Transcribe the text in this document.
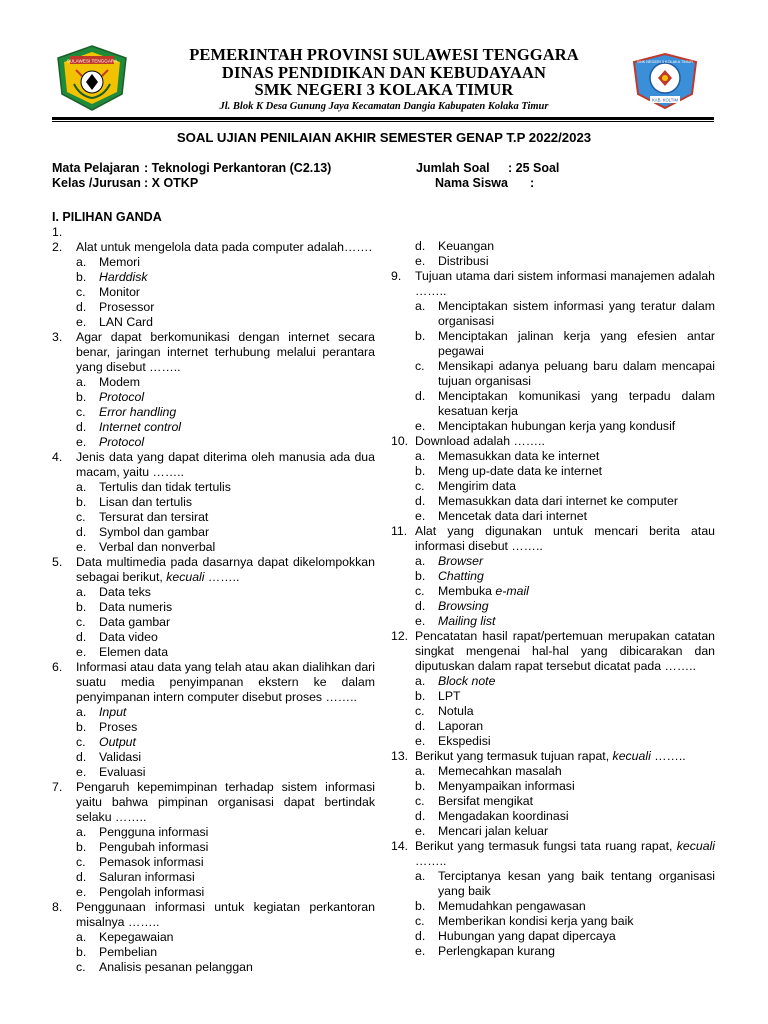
SULAWESI TENGGARA	PEMERINTAH PROVINSI SULAWESI TENGGARA
DINAS PENDIDIKAN DAN KEBUDAYAAN
SMK NEGERI 3 KOLAKA TIMUR
Jl. Blok K Desa Gunung Jaya Kecamatan Dangia Kabupaten Kolaka Timur
SMK NEGERI 3 KOLAKA TIMUR
KAB. KOLTIM
SOAL UJIAN PENILAIAN AKHIR SEMESTER GENAP T.P 2022/2023
Mata Pelajaran : Teknologi Perkantoran (C2.13)
Kelas /Jurusan : X OTKP
Jumlah Soal : 25 Soal
Nama Siswa :
I. PILIHAN GANDA
1.
2.	Alat untuk mengelola data pada computer adalah…….
a.	Memori
b.	Harddisk
c.	Monitor
d.	Prosessor
e.	LAN Card
3.	Agar dapat berkomunikasi dengan internet secara benar, jaringan internet terhubung melalui perantara yang disebut ……..
a.	Modem
b.	Protocol
c.	Error handling
d.	Internet control
e.	Protocol
4.	Jenis data yang dapat diterima oleh manusia ada dua macam, yaitu ……..
a.	Tertulis dan tidak tertulis
b.	Lisan dan tertulis
c.	Tersurat dan tersirat
d.	Symbol dan gambar
e.	Verbal dan nonverbal
5.	Data multimedia pada dasarnya dapat dikelompokkan sebagai berikut, kecuali ……..
a.	Data teks
b.	Data numeris
c.	Data gambar
d.	Data video
e.	Elemen data
6.	Informasi atau data yang telah atau akan dialihkan dari suatu media penyimpanan ekstern ke dalam penyimpanan intern computer disebut proses ……..
a.	Input
b.	Proses
c.	Output
d.	Validasi
e.	Evaluasi
7.	Pengaruh kepemimpinan terhadap sistem informasi yaitu bahwa pimpinan organisasi dapat bertindak selaku ……..
a.	Pengguna informasi
b.	Pengubah informasi
c.	Pemasok informasi
d.	Saluran informasi
e.	Pengolah informasi
8.	Penggunaan informasi untuk kegiatan perkantoran misalnya ……..
a.	Kepegawaian
b.	Pembelian
c.	Analisis pesanan pelanggan
d.	Keuangan
e.	Distribusi
9.	Tujuan utama dari sistem informasi manajemen adalah ……..
a.	Menciptakan sistem informasi yang teratur dalam organisasi
b.	Menciptakan jalinan kerja yang efesien antar pegawai
c.	Mensikapi adanya peluang baru dalam mencapai tujuan organisasi
d.	Menciptakan komunikasi yang terpadu dalam kesatuan kerja
e.	Menciptakan hubungan kerja yang kondusif
10. Download adalah ……..
a.	Memasukkan data ke internet
b.	Meng up-date data ke internet
c.	Mengirim data
d.	Memasukkan data dari internet ke computer
e.	Mencetak data dari internet
11. Alat yang digunakan untuk mencari berita atau informasi disebut ……..
a.	Browser
b.	Chatting
c.	Membuka e-mail
d.	Browsing
e.	Mailing list
12. Pencatatan hasil rapat/pertemuan merupakan catatan singkat mengenai hal-hal yang dibicarakan dan diputuskan dalam rapat tersebut dicatat pada ……..
a.	Block note
b.	LPT
c.	Notula
d.	Laporan
e.	Ekspedisi
13. Berikut yang termasuk tujuan rapat, kecuali ……..
a.	Memecahkan masalah
b.	Menyampaikan informasi
c.	Bersifat mengikat
d.	Mengadakan koordinasi
e.	Mencari jalan keluar
14. Berikut yang termasuk fungsi tata ruang rapat, kecuali ……..
a.	Terciptanya kesan yang baik tentang organisasi yang baik
b.	Memudahkan pengawasan
c.	Memberikan kondisi kerja yang baik
d.	Hubungan yang dapat dipercaya
e.	Perlengkapan kurang
